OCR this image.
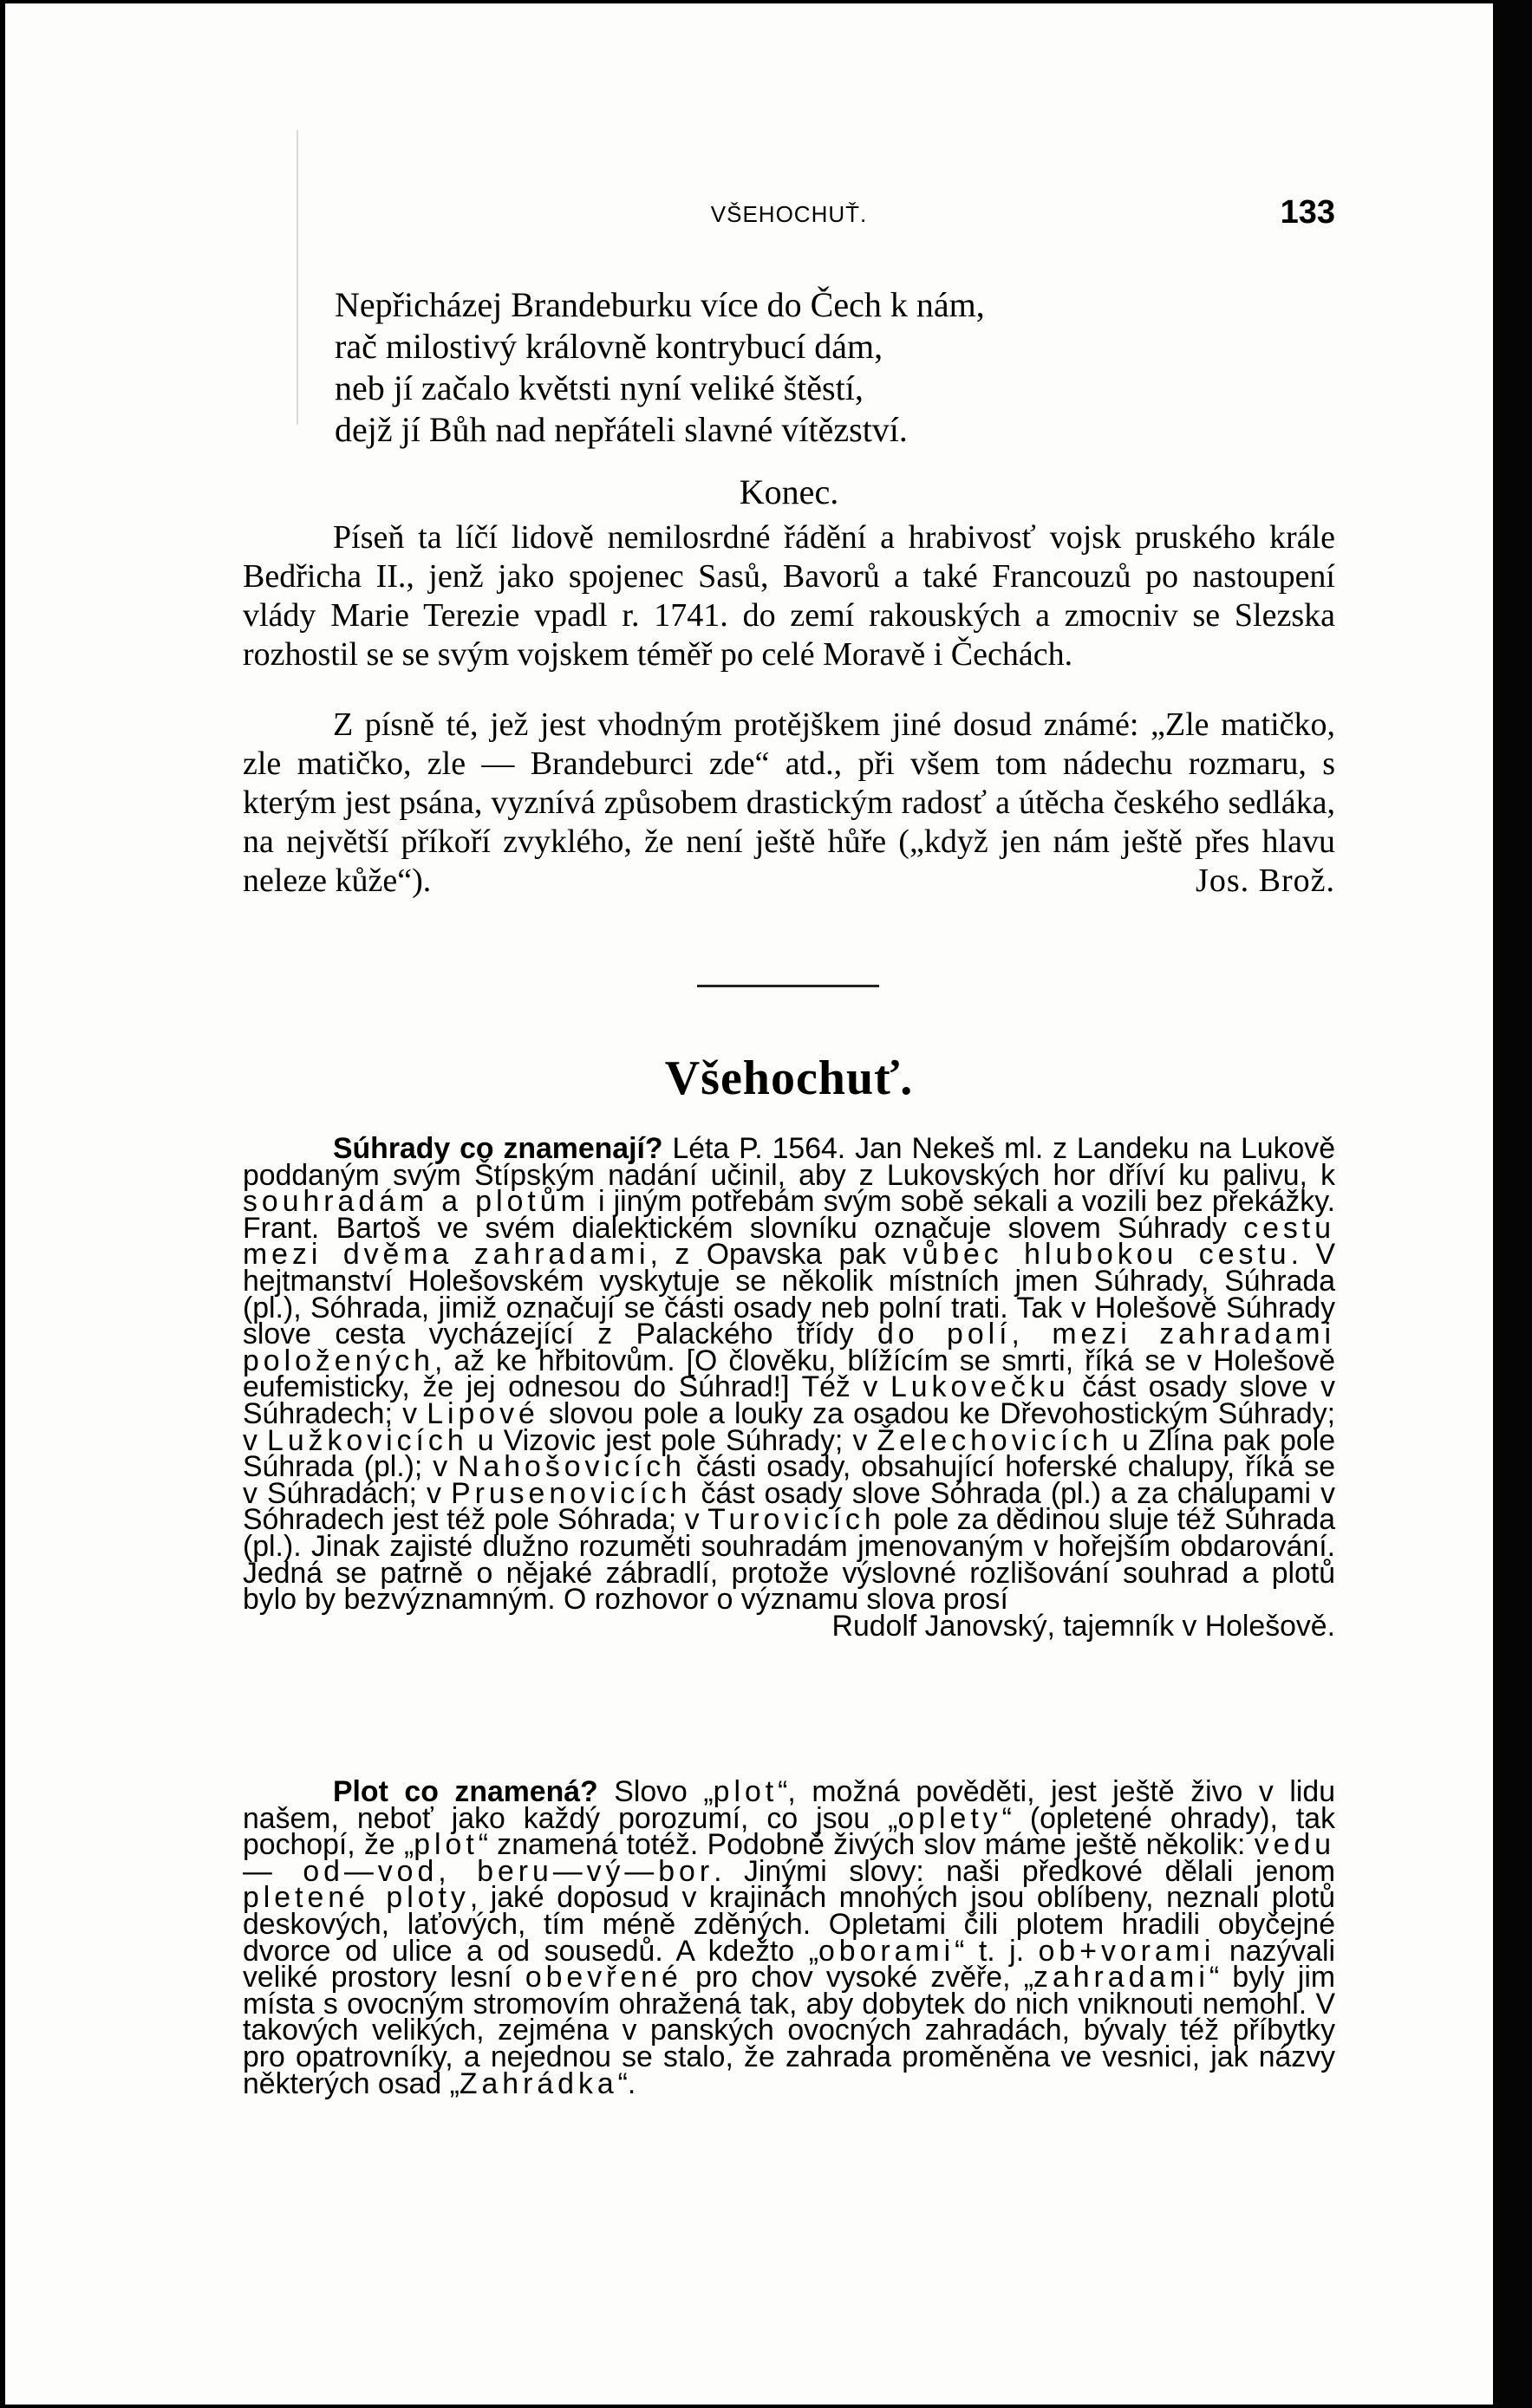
VŠEHOCHUŤ.	133
Nepřicházej Brandeburku více do Čech k nám,
rač milostivý královně kontrybucí dám,
neb jí začalo květsti nyní veliké štěstí,
dejž jí Bůh nad nepřáteli slavné vítězství.
Konec.

Píseň ta líčí lidově nemilosrdné řádění a hrabivosť vojsk pruského krále Bedřicha II., jenž jako spojenec Sasů, Bavorů a také Francouzů po nastoupení vlády Marie Terezie vpadl r. 1741. do zemí rakouských a zmocniv se Slezska rozhostil se se svým vojskem téměř po celé Moravě i Čechách.

Z písně té, jež jest vhodným protějškem jiné dosud známé: „Zle matičko, zle matičko, zle — Brandeburci zde“ atd., při všem tom nádechu rozmaru, s kterým jest psána, vyznívá způsobem drastickým radosť a útěcha českého sedláka, na největší příkoří zvyklého, že není ještě hůře („když jen nám ještě přes hlavu neleze kůže“).	Jos. Brož.

Všehochuť.

Súhrady co znamenají? Léta P. 1564. Jan Nekeš ml. z Landeku na Lukově poddaným svým Štípským nadání učinil, aby z Lukovských hor dříví ku palivu, k souhradám a plotům i jiným potřebám svým sobě sekali a vozili bez překážky. Frant. Bartoš ve svém dialektickém slovníku označuje slovem Súhrady cestu mezi dvěma zahradami, z Opavska pak vůbec hlubokou cestu. V hejtmanství Holešovském vyskytuje se několik místních jmen Súhrady, Súhrada (pl.), Sóhrada, jimiž označují se části osady neb polní trati. Tak v Holešově Súhrady slove cesta vycházející z Palackého třídy do polí, mezi zahradami položených, až ke hřbitovům. [O člověku, blížícím se smrti, říká se v Holešově eufemisticky, že jej odnesou do Súhrad!] Též v Lukovečku část osady slove v Súhradech; v Lipové slovou pole a louky za osadou ke Dřevohostickým Súhrady; v Lužkovicích u Vizovic jest pole Súhrady; v Želechovicích u Zlína pak pole Súhrada (pl.); v Nahošovicích části osady, obsahující hoferské chalupy, říká se v Súhradách; v Prusenovicích část osady slove Sóhrada (pl.) a za chalupami v Sóhradech jest též pole Sóhrada; v Turovicích pole za dědinou sluje též Súhrada (pl.). Jinak zajisté dlužno rozuměti souhradám jmenovaným v hořejším obdarování. Jedná se patrně o nějaké zábradlí, protože výslovné rozlišování souhrad a plotů bylo by bezvýznamným. O rozhovor o významu slova prosí
Rudolf Janovský, tajemník v Holešově.

Plot co znamená? Slovo „plot“, možná pověděti, jest ještě živo v lidu našem, neboť jako každý porozumí, co jsou „oplety“ (opletené ohrady), tak pochopí, že „plot“ znamená totéž. Podobně živých slov máme ještě několik: vedu — od—vod, beru—vý—bor. Jinými slovy: naši předkové dělali jenom pletené ploty, jaké doposud v krajinách mnohých jsou oblíbeny, neznali plotů deskových, laťových, tím méně zděných. Opletami čili plotem hradili obyčejné dvorce od ulice a od sousedů. A kdežto „oborami“ t. j. ob+vorami nazývali veliké prostory lesní obevřené pro chov vysoké zvěře, „zahradami“ byly jim místa s ovocným stromovím ohražená tak, aby dobytek do nich vniknouti nemohl. V takových velikých, zejména v panských ovocných zahradách, bývaly též příbytky pro opatrovníky, a nejednou se stalo, že zahrada proměněna ve vesnici, jak názvy některých osad „Zahrádka“.
